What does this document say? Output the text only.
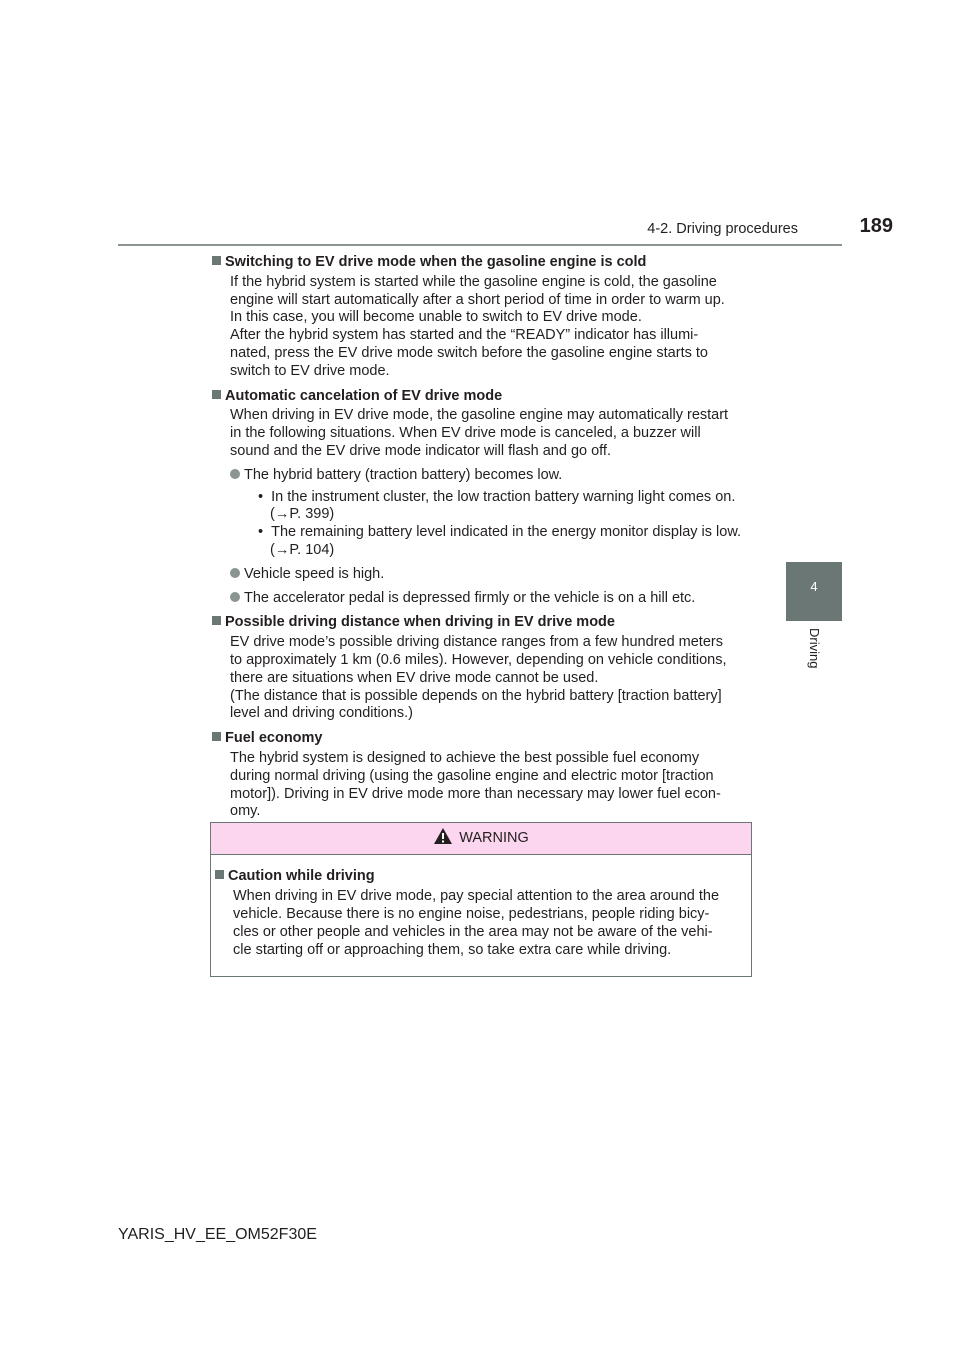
4-2. Driving procedures	189
4
Driving
Switching to EV drive mode when the gasoline engine is cold
If the hybrid system is started while the gasoline engine is cold, the gasoline
engine will start automatically after a short period of time in order to warm up.
In this case, you will become unable to switch to EV drive mode.
After the hybrid system has started and the “READY” indicator has illumi-
nated, press the EV drive mode switch before the gasoline engine starts to
switch to EV drive mode.
Automatic cancelation of EV drive mode
When driving in EV drive mode, the gasoline engine may automatically restart
in the following situations. When EV drive mode is canceled, a buzzer will
sound and the EV drive mode indicator will flash and go off.
The hybrid battery (traction battery) becomes low.
•  In the instrument cluster, the low traction battery warning light comes on.
(→P. 399)
•  The remaining battery level indicated in the energy monitor display is low.
(→P. 104)
Vehicle speed is high.
The accelerator pedal is depressed firmly or the vehicle is on a hill etc.
Possible driving distance when driving in EV drive mode
EV drive mode’s possible driving distance ranges from a few hundred meters
to approximately 1 km (0.6 miles). However, depending on vehicle conditions,
there are situations when EV drive mode cannot be used.
(The distance that is possible depends on the hybrid battery [traction battery]
level and driving conditions.)
Fuel economy
The hybrid system is designed to achieve the best possible fuel economy
during normal driving (using the gasoline engine and electric motor [traction
motor]). Driving in EV drive mode more than necessary may lower fuel econ-
omy.
WARNING
Caution while driving
When driving in EV drive mode, pay special attention to the area around the
vehicle. Because there is no engine noise, pedestrians, people riding bicy-
cles or other people and vehicles in the area may not be aware of the vehi-
cle starting off or approaching them, so take extra care while driving.
YARIS_HV_EE_OM52F30E
